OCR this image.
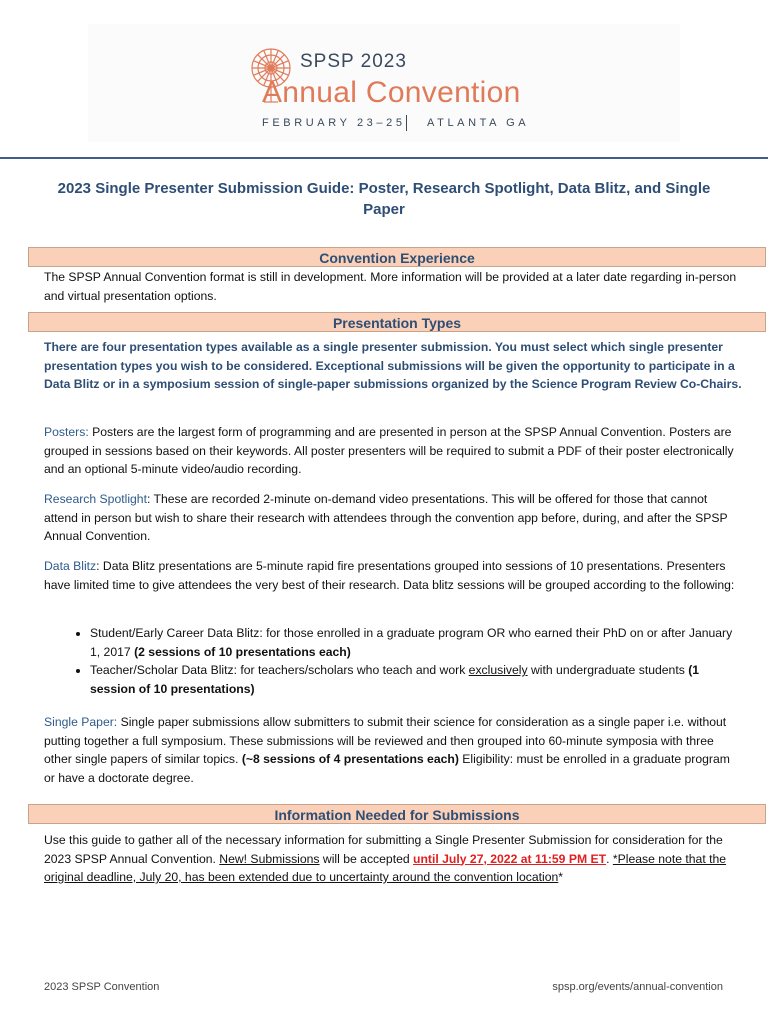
SPSP 2023
Annual Convention
FEBRUARY 23–25 ATLANTA GA
2023 Single Presenter Submission Guide: Poster, Research Spotlight, Data Blitz, and Single Paper
Convention Experience
The SPSP Annual Convention format is still in development. More information will be provided at a later date regarding in-person and virtual presentation options.
Presentation Types
There are four presentation types available as a single presenter submission. You must select which single presenter presentation types you wish to be considered. Exceptional submissions will be given the opportunity to participate in a Data Blitz or in a symposium session of single-paper submissions organized by the Science Program Review Co-Chairs.
Posters: Posters are the largest form of programming and are presented in person at the SPSP Annual Convention. Posters are grouped in sessions based on their keywords. All poster presenters will be required to submit a PDF of their poster electronically and an optional 5-minute video/audio recording.
Research Spotlight: These are recorded 2-minute on-demand video presentations. This will be offered for those that cannot attend in person but wish to share their research with attendees through the convention app before, during, and after the SPSP Annual Convention.
Data Blitz: Data Blitz presentations are 5-minute rapid fire presentations grouped into sessions of 10 presentations. Presenters have limited time to give attendees the very best of their research. Data blitz sessions will be grouped according to the following:
• Student/Early Career Data Blitz: for those enrolled in a graduate program OR who earned their PhD on or after January 1, 2017 (2 sessions of 10 presentations each)
• Teacher/Scholar Data Blitz: for teachers/scholars who teach and work exclusively with undergraduate students (1 session of 10 presentations)
Single Paper: Single paper submissions allow submitters to submit their science for consideration as a single paper i.e. without putting together a full symposium. These submissions will be reviewed and then grouped into 60-minute symposia with three other single papers of similar topics. (~8 sessions of 4 presentations each) Eligibility: must be enrolled in a graduate program or have a doctorate degree.
Information Needed for Submissions
Use this guide to gather all of the necessary information for submitting a Single Presenter Submission for consideration for the 2023 SPSP Annual Convention. New! Submissions will be accepted until July 27, 2022 at 11:59 PM ET. *Please note that the original deadline, July 20, has been extended due to uncertainty around the convention location*
2023 SPSP Convention	spsp.org/events/annual-convention
